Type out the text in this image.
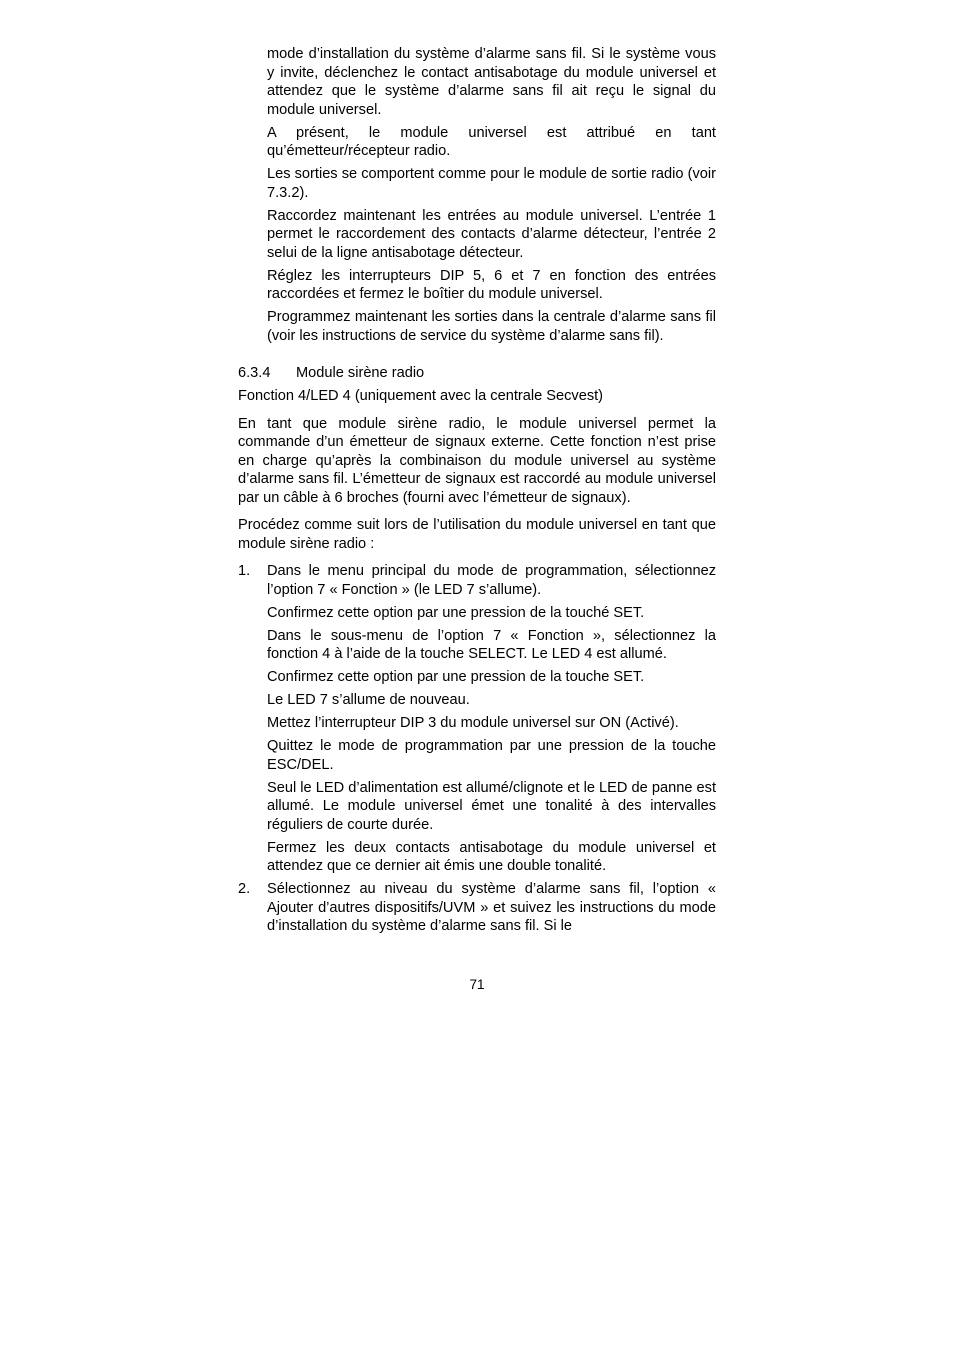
mode d’installation du système d’alarme sans fil. Si le système vous y invite, déclenchez le contact antisabotage du module universel et attendez que le système d’alarme sans fil ait reçu le signal du module universel.

A présent, le module universel est attribué en tant qu’émetteur/récepteur radio.

Les sorties se comportent comme pour le module de sortie radio (voir 7.3.2).

Raccordez maintenant les entrées au module universel. L’entrée 1 permet le raccordement des contacts d’alarme détecteur, l’entrée 2 selui de la ligne antisabotage détecteur.

Réglez les interrupteurs DIP 5, 6 et 7 en fonction des entrées raccordées et fermez le boîtier du module universel.

Programmez maintenant les sorties dans la centrale d’alarme sans fil (voir les instructions de service du système d’alarme sans fil).

6.3.4	Module sirène radio

Fonction 4/LED 4 (uniquement avec la centrale Secvest)

En tant que module sirène radio, le module universel permet la commande d’un émetteur de signaux externe. Cette fonction n’est prise en charge qu’après la combinaison du module universel au système d’alarme sans fil. L’émetteur de signaux est raccordé au module universel par un câble à 6 broches (fourni avec l’émetteur de signaux).

Procédez comme suit lors de l’utilisation du module universel en tant que module sirène radio :

1.	Dans le menu principal du mode de programmation, sélectionnez l’option 7 « Fonction » (le LED 7 s’allume).

Confirmez cette option par une pression de la touché SET.

Dans le sous-menu de l’option 7 « Fonction », sélectionnez la fonction 4 à l’aide de la touche SELECT. Le LED 4 est allumé.

Confirmez cette option par une pression de la touche SET.

Le LED 7 s’allume de nouveau.

Mettez l’interrupteur DIP 3 du module universel sur ON (Activé).

Quittez le mode de programmation par une pression de la touche ESC/DEL.

Seul le LED d’alimentation est allumé/clignote et le LED de panne est allumé. Le module universel émet une tonalité à des intervalles réguliers de courte durée.

Fermez les deux contacts antisabotage du module universel et attendez que ce dernier ait émis une double tonalité.

2.	Sélectionnez au niveau du système d’alarme sans fil, l’option « Ajouter d’autres dispositifs/UVM » et suivez les instructions du mode d’installation du système d’alarme sans fil. Si le
71
